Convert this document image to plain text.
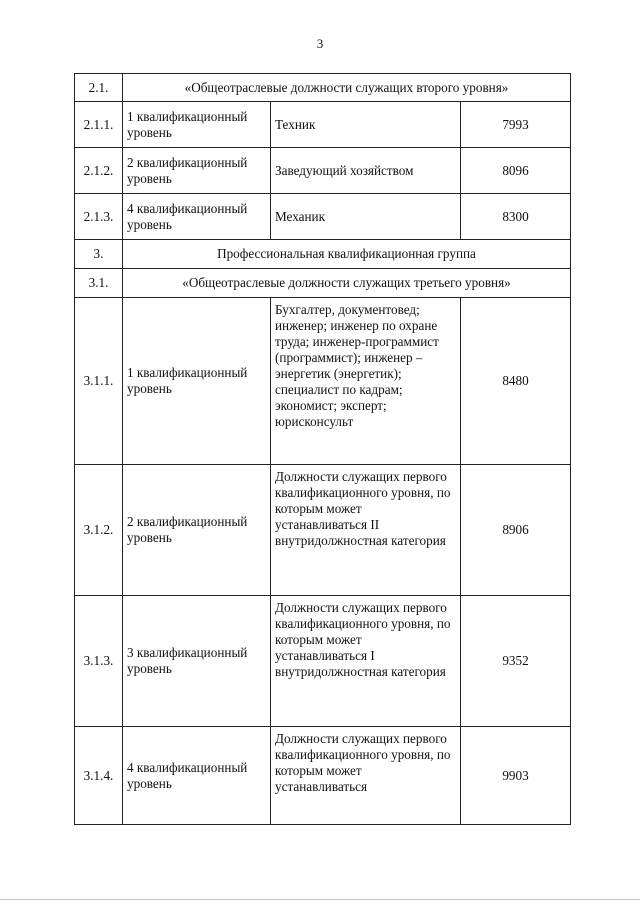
3
2.1.	«Общеотраслевые должности служащих второго уровня»		
2.1.1.	1 квалификационный уровень	Техник	7993
2.1.2.	2 квалификационный уровень	Заведующий хозяйством	8096
2.1.3.	4 квалификационный уровень	Механик	8300
3.	Профессиональная квалификационная группа		
3.1.	«Общеотраслевые должности служащих третьего уровня»		
3.1.1.	1 квалификационный уровень	Бухгалтер, документовед; инженер; инженер по охране труда; инженер-программист (программист); инженер – энергетик (энергетик); специалист по кадрам; экономист; эксперт; юрисконсульт	8480
3.1.2.	2 квалификационный уровень	Должности служащих первого квалификационного уровня, по которым может устанавливаться II внутридолжностная категория	8906
3.1.3.	3 квалификационный уровень	Должности служащих первого квалификационного уровня, по которым может устанавливаться I внутридолжностная категория	9352
3.1.4.	4 квалификационный уровень	Должности служащих первого квалификационного уровня, по которым может устанавливаться	9903
